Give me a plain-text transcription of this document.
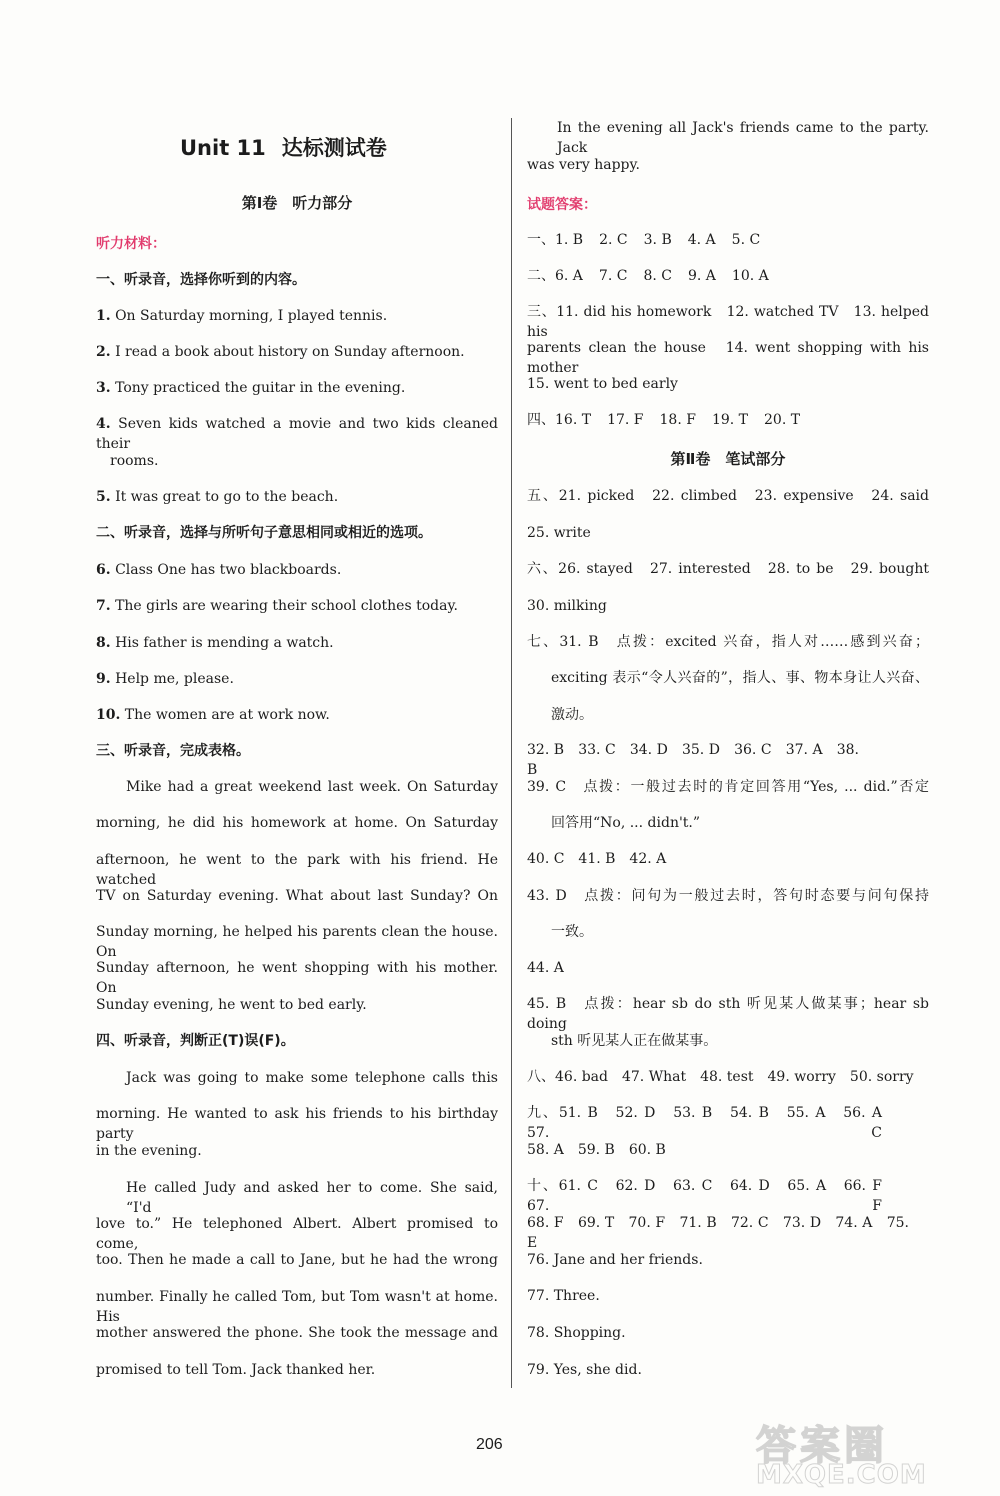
Unit 11 达标测试卷
第Ⅰ卷　听力部分
听力材料：
一、听录音，选择你听到的内容。
1. On Saturday morning, I played tennis.
2. I read a book about history on Sunday afternoon.
3. Tony practiced the guitar in the evening.
4. Seven kids watched a movie and two kids cleaned their
rooms.
5. It was great to go to the beach.
二、听录音，选择与所听句子意思相同或相近的选项。
6. Class One has two blackboards.
7. The girls are wearing their school clothes today.
8. His father is mending a watch.
9. Help me, please.
10. The women are at work now.
三、听录音，完成表格。
Mike had a great weekend last week. On Saturday
morning, he did his homework at home. On Saturday
afternoon, he went to the park with his friend. He watched
TV on Saturday evening. What about last Sunday? On
Sunday morning, he helped his parents clean the house. On
Sunday afternoon, he went shopping with his mother. On
Sunday evening, he went to bed early.
四、听录音，判断正(T)误(F)。
Jack was going to make some telephone calls this
morning. He wanted to ask his friends to his birthday party
in the evening.
He called Judy and asked her to come. She said, “I'd
love to.” He telephoned Albert. Albert promised to come,
too. Then he made a call to Jane, but he had the wrong
number. Finally he called Tom, but Tom wasn't at home. His
mother answered the phone. She took the message and
promised to tell Tom. Jack thanked her.
In the evening all Jack's friends came to the party. Jack
was very happy.
试题答案：
一、1. B 2. C 3. B 4. A 5. C
二、6. A 7. C 8. C 9. A 10. A
三、11. did his homework　12. watched TV　13. helped his
parents clean the house　14. went shopping with his mother
15. went to bed early
四、16. T 17. F 18. F 19. T 20. T
第Ⅱ卷　笔试部分
五、21. picked　22. climbed　23. expensive　24. said
25. write
六、26. stayed　27. interested　28. to be　29. bought
30. milking
七、31. B　点拨：excited 兴奋，指人对……感到兴奋；
exciting 表示“令人兴奋的”，指人、事、物本身让人兴奋、
激动。
32. B　33. C　34. D　35. D　36. C　37. A　38. B
39. C　点拨：一般过去时的肯定回答用“Yes, ... did.”否定
回答用“No, ... didn't.”
40. C　41. B　42. A
43. D　点拨：问句为一般过去时，答句时态要与问句保持
一致。
44. A
45. B　点拨：hear sb do sth 听见某人做某事；hear sb doing
sth 听见某人正在做某事。
八、46. bad　47. What　48. test　49. worry　50. sorry
九、51. B　52. D　53. B　54. B　55. A　56. A　57. C
58. A　59. B　60. B
十、61. C　62. D　63. C　64. D　65. A　66. F　67. F
68. F　69. T　70. F　71. B　72. C　73. D　74. A　75. E
76. Jane and her friends.
77. Three.
78. Shopping.
79. Yes, she did.
206	答案圈
MXQE.COM
